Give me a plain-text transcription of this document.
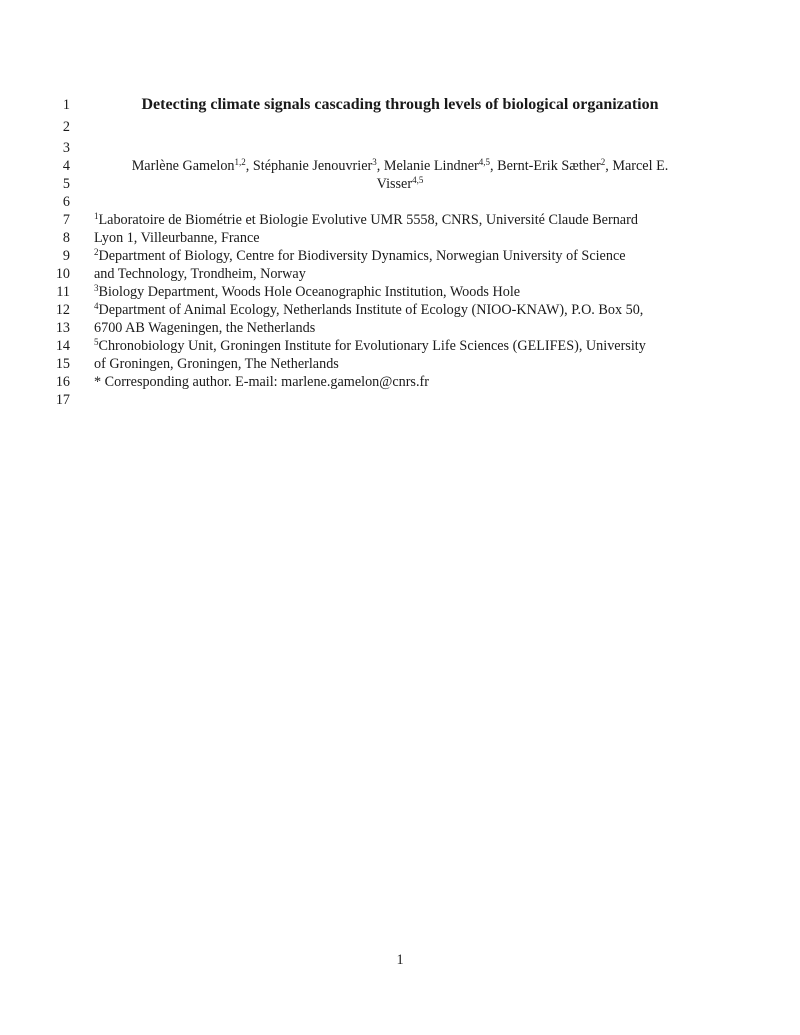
1	Detecting climate signals cascading through levels of biological organization
2
3
4	Marlène Gamelon$^{1,2}$, Stéphanie Jenouvrier$^3$, Melanie Lindner$^{4,5}$, Bernt-Erik Sæther$^2$, Marcel E.
5	Visser$^{4,5}$
6
7	$^1$Laboratoire de Biométrie et Biologie Evolutive UMR 5558, CNRS, Université Claude Bernard
8 Lyon 1, Villeurbanne, France
9	$^2$Department of Biology, Centre for Biodiversity Dynamics, Norwegian University of Science
10 and Technology, Trondheim, Norway
11	$^3$Biology Department, Woods Hole Oceanographic Institution, Woods Hole
12	$^4$Department of Animal Ecology, Netherlands Institute of Ecology (NIOO-KNAW), P.O. Box 50,
13 6700 AB Wageningen, the Netherlands
14	$^5$Chronobiology Unit, Groningen Institute for Evolutionary Life Sciences (GELIFES), University
15 of Groningen, Groningen, The Netherlands
16 * Corresponding author. E-mail: marlene.gamelon@cnrs.fr
17
1
